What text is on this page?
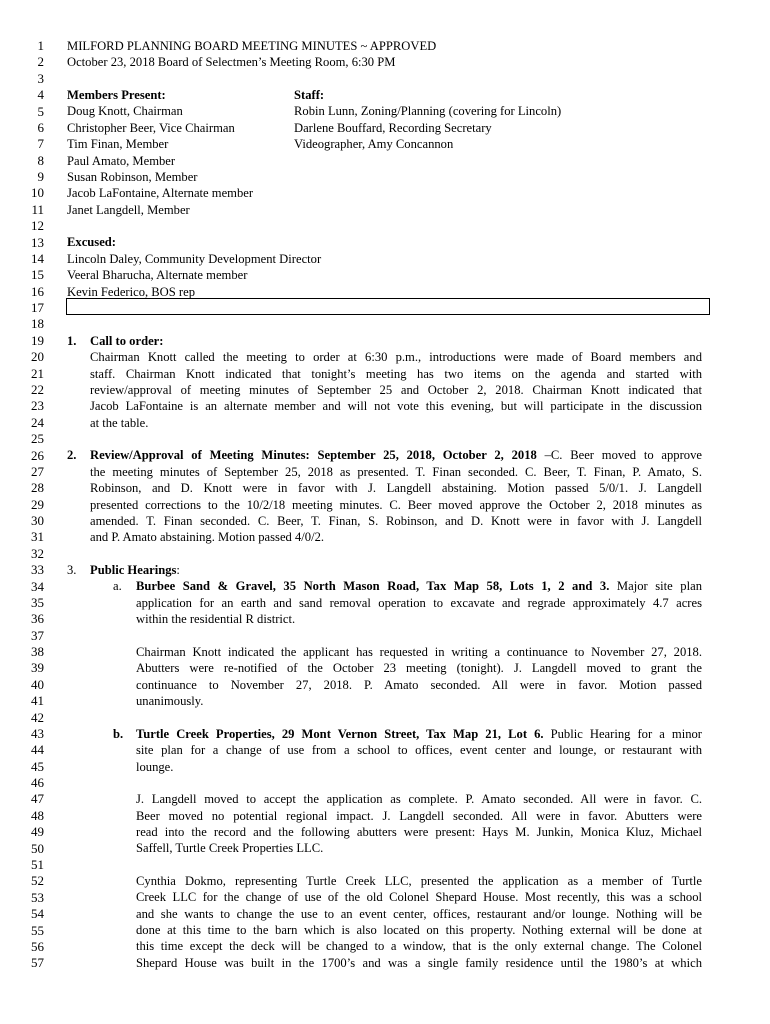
1
2
3
4
5
6
7
8
9
10
11
12
13
14
15
16
17
18
19
20
21
22
23
24
25
26
27
28
29
30
31
32
33
34
35
36
37
38
39
40
41
42
43
44
45
46
47
48
49
50
51
52
53
54
55
56
57
MILFORD PLANNING BOARD MEETING MINUTES ~ APPROVED
October 23, 2018 Board of Selectmen’s Meeting Room, 6:30 PM
Members Present:
Doug Knott, Chairman
Christopher Beer, Vice Chairman
Tim Finan, Member
Paul Amato, Member
Susan Robinson, Member
Jacob LaFontaine, Alternate member
Janet Langdell, Member
Staff:
Robin Lunn, Zoning/Planning (covering for Lincoln)
Darlene Bouffard, Recording Secretary
Videographer, Amy Concannon
Excused:
Lincoln Daley, Community Development Director
Veeral Bharucha, Alternate member
Kevin Federico, BOS rep
1. Call to order:
Chairman Knott called the meeting to order at 6:30 p.m., introductions were made of Board members and
staff. Chairman Knott indicated that tonight’s meeting has two items on the agenda and started with
review/approval of meeting minutes of September 25 and October 2, 2018. Chairman Knott indicated that
Jacob LaFontaine is an alternate member and will not vote this evening, but will participate in the discussion
at the table.
2. Review/Approval of Meeting Minutes: September 25, 2018, October 2, 2018 –C. Beer moved to approve
the meeting minutes of September 25, 2018 as presented. T. Finan seconded. C. Beer, T. Finan, P. Amato, S.
Robinson, and D. Knott were in favor with J. Langdell abstaining. Motion passed 5/0/1. J. Langdell
presented corrections to the 10/2/18 meeting minutes. C. Beer moved approve the October 2, 2018 minutes as
amended. T. Finan seconded. C. Beer, T. Finan, S. Robinson, and D. Knott were in favor with J. Langdell
and P. Amato abstaining. Motion passed 4/0/2.
3. Public Hearings:
a. Burbee Sand & Gravel, 35 North Mason Road, Tax Map 58, Lots 1, 2 and 3. Major site plan
application for an earth and sand removal operation to excavate and regrade approximately 4.7 acres
within the residential R district.
Chairman Knott indicated the applicant has requested in writing a continuance to November 27, 2018.
Abutters were re-notified of the October 23 meeting (tonight). J. Langdell moved to grant the
continuance to November 27, 2018. P. Amato seconded. All were in favor. Motion passed
unanimously.
b. Turtle Creek Properties, 29 Mont Vernon Street, Tax Map 21, Lot 6. Public Hearing for a minor
site plan for a change of use from a school to offices, event center and lounge, or restaurant with
lounge.
J. Langdell moved to accept the application as complete. P. Amato seconded. All were in favor. C.
Beer moved no potential regional impact. J. Langdell seconded. All were in favor. Abutters were
read into the record and the following abutters were present: Hays M. Junkin, Monica Kluz, Michael
Saffell, Turtle Creek Properties LLC.
Cynthia Dokmo, representing Turtle Creek LLC, presented the application as a member of Turtle
Creek LLC for the change of use of the old Colonel Shepard House. Most recently, this was a school
and she wants to change the use to an event center, offices, restaurant and/or lounge. Nothing will be
done at this time to the barn which is also located on this property. Nothing external will be done at
this time except the deck will be changed to a window, that is the only external change. The Colonel
Shepard House was built in the 1700’s and was a single family residence until the 1980’s at which
